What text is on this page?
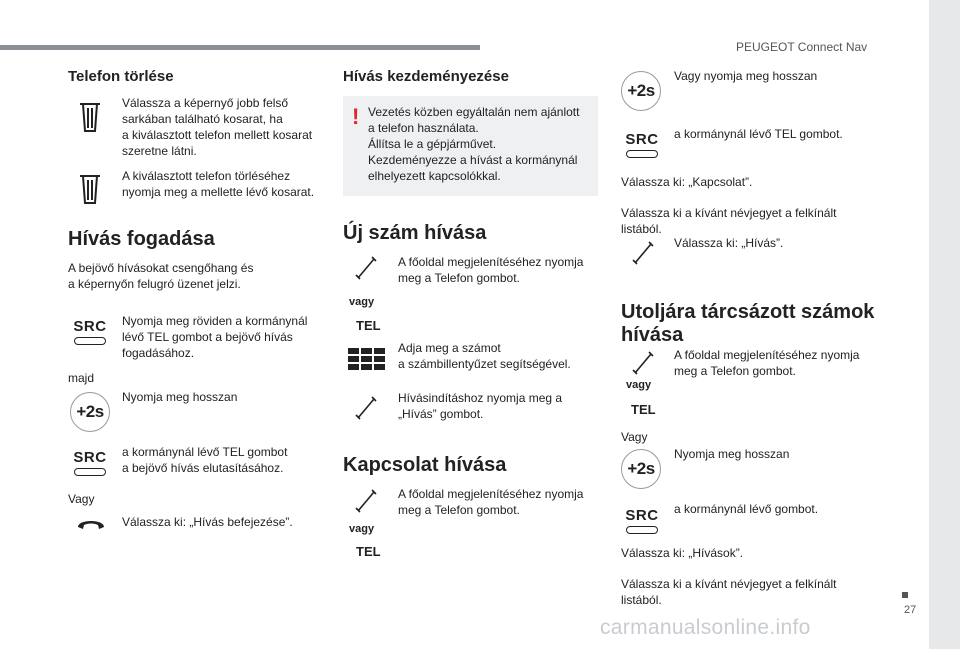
PEUGEOT Connect Nav
27
Telefon törlése
Válassza a képernyő jobb felső
sarkában található kosarat, ha
a kiválasztott telefon mellett kosarat
szeretne látni.
A kiválasztott telefon törléséhez
nyomja meg a mellette lévő kosarat.
Hívás fogadása
A bejövő hívásokat csengőhang és
a képernyőn felugró üzenet jelzi.
SRC Nyomja meg röviden a kormánynál
lévő TEL gombot a bejövő hívás
fogadásához.
majd
+2s
Nyomja meg hosszan
SRC a kormánynál lévő TEL gombot
a bejövő hívás elutasításához.
Vagy
Válassza ki: „Hívás befejezése”.
Hívás kezdeményezése
! Vezetés közben egyáltalán nem ajánlott
a telefon használata.
Állítsa le a gépjárművet.
Kezdeményezze a hívást a kormánynál
elhelyezett kapcsolókkal.
Új szám hívása
A főoldal megjelenítéséhez nyomja
meg a Telefon gombot.
vagy
TEL
Adja meg a számot
a számbillentyűzet segítségével.
Hívásindításhoz nyomja meg a
„Hívás” gombot.
Kapcsolat hívása
A főoldal megjelenítéséhez nyomja
meg a Telefon gombot.
vagy
TEL
+2s
Vagy nyomja meg hosszan
SRC a kormánynál lévő TEL gombot.
Válassza ki: „Kapcsolat”.
Válassza ki a kívánt névjegyet a felkínált
listából.
Válassza ki: „Hívás”.
Utoljára tárcsázott számok
hívása
A főoldal megjelenítéséhez nyomja
meg a Telefon gombot.
vagy
TEL
Vagy
+2s
Nyomja meg hosszan
SRC a kormánynál lévő gombot.
Válassza ki: „Hívások”.
Válassza ki a kívánt névjegyet a felkínált
listából.
carmanualsonline.info
